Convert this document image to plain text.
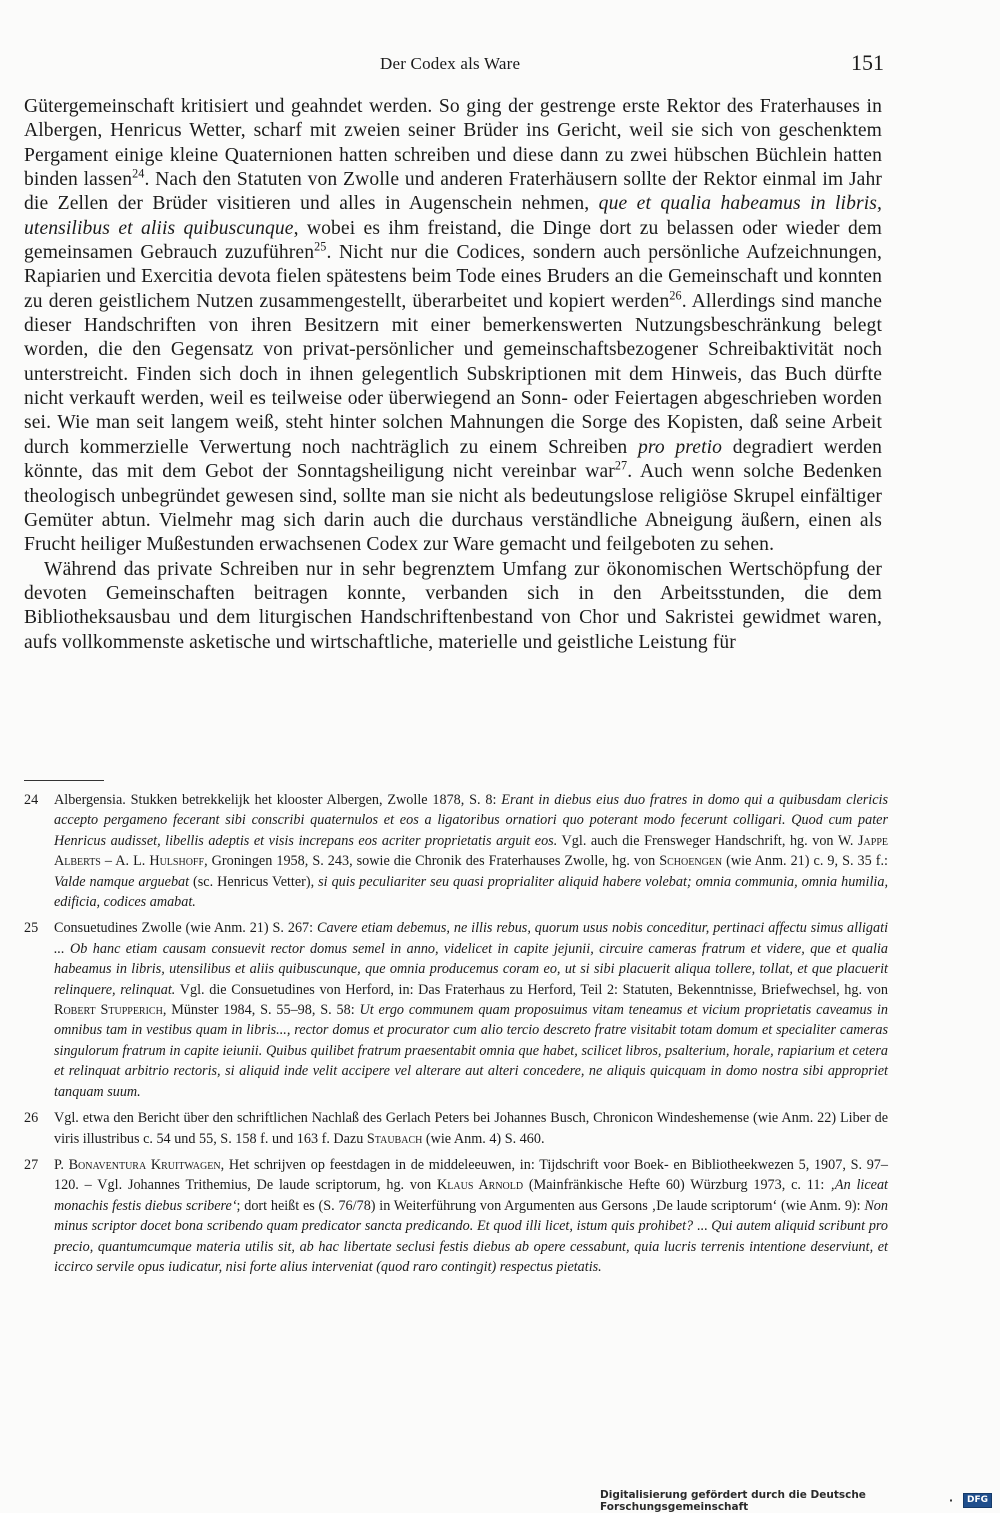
Der Codex als Ware	151

Gütergemeinschaft kritisiert und geahndet werden. So ging der gestrenge erste Rektor des Fraterhauses in Albergen, Henricus Wetter, scharf mit zweien seiner Brüder ins Gericht, weil sie sich von geschenktem Pergament einige kleine Quaternionen hatten schreiben und diese dann zu zwei hübschen Büchlein hatten binden lassen$^{24}$. Nach den Statuten von Zwolle und anderen Fraterhäusern sollte der Rektor einmal im Jahr die Zellen der Brüder visitieren und alles in Augenschein nehmen, que et qualia habeamus in libris, utensilibus et aliis quibuscunque, wobei es ihm freistand, die Dinge dort zu belassen oder wieder dem gemeinsamen Gebrauch zuzuführen$^{25}$. Nicht nur die Codices, sondern auch persönliche Aufzeichnungen, Rapiarien und Exercitia devota fielen spätestens beim Tode eines Bruders an die Gemeinschaft und konnten zu deren geistlichem Nutzen zusammengestellt, überarbeitet und kopiert werden$^{26}$. Allerdings sind manche dieser Handschriften von ihren Besitzern mit einer bemerkenswerten Nutzungsbeschränkung belegt worden, die den Gegensatz von privat-persönlicher und gemeinschaftsbezogener Schreibaktivität noch unterstreicht. Finden sich doch in ihnen gelegentlich Subskriptionen mit dem Hinweis, das Buch dürfte nicht verkauft werden, weil es teilweise oder überwiegend an Sonn- oder Feiertagen abgeschrieben worden sei. Wie man seit langem weiß, steht hinter solchen Mahnungen die Sorge des Kopisten, daß seine Arbeit durch kommerzielle Verwertung noch nachträglich zu einem Schreiben pro pretio degradiert werden könnte, das mit dem Gebot der Sonntagsheiligung nicht vereinbar war$^{27}$. Auch wenn solche Bedenken theologisch unbegründet gewesen sind, sollte man sie nicht als bedeutungslose religiöse Skrupel einfältiger Gemüter abtun. Vielmehr mag sich darin auch die durchaus verständliche Abneigung äußern, einen als Frucht heiliger Mußestunden erwachsenen Codex zur Ware gemacht und feilgeboten zu sehen.

Während das private Schreiben nur in sehr begrenztem Umfang zur ökonomischen Wertschöpfung der devoten Gemeinschaften beitragen konnte, verbanden sich in den Arbeitsstunden, die dem Bibliotheksausbau und dem liturgischen Handschriftenbestand von Chor und Sakristei gewidmet waren, aufs vollkommenste asketische und wirtschaftliche, materielle und geistliche Leistung für

24	Albergensia. Stukken betrekkelijk het klooster Albergen, Zwolle 1878, S. 8: Erant in diebus eius duo fratres in domo qui a quibusdam clericis accepto pergameno fecerant sibi conscribi quaternulos et eos a ligatoribus ornatiori quo poterant modo fecerunt colligari. Quod cum pater Henricus audisset, libellis adeptis et visis increpans eos acriter proprietatis arguit eos. Vgl. auch die Frensweger Handschrift, hg. von W. Jappe Alberts – A. L. Hulshoff, Groningen 1958, S. 243, sowie die Chronik des Fraterhauses Zwolle, hg. von Schoengen (wie Anm. 21) c. 9, S. 35 f.: Valde namque arguebat (sc. Henricus Vetter), si quis peculiariter seu quasi proprialiter aliquid habere volebat; omnia communia, omnia humilia, edificia, codices amabat.
25	Consuetudines Zwolle (wie Anm. 21) S. 267: Cavere etiam debemus, ne illis rebus, quorum usus nobis conceditur, pertinaci affectu simus alligati ... Ob hanc etiam causam consuevit rector domus semel in anno, videlicet in capite jejunii, circuire cameras fratrum et videre, que et qualia habeamus in libris, utensilibus et aliis quibuscunque, que omnia producemus coram eo, ut si sibi placuerit aliqua tollere, tollat, et que placuerit relinquere, relinquat. Vgl. die Consuetudines von Herford, in: Das Fraterhaus zu Herford, Teil 2: Statuten, Bekenntnisse, Briefwechsel, hg. von Robert Stupperich, Münster 1984, S. 55–98, S. 58: Ut ergo communem quam proposuimus vitam teneamus et vicium proprietatis caveamus in omnibus tam in vestibus quam in libris..., rector domus et procurator cum alio tercio descreto fratre visitabit totam domum et specialiter cameras singulorum fratrum in capite ieiunii. Quibus quilibet fratrum praesentabit omnia que habet, scilicet libros, psalterium, horale, rapiarium et cetera et relinquat arbitrio rectoris, si aliquid inde velit accipere vel alterare aut alteri concedere, ne aliquis quicquam in domo nostra sibi appropriet tanquam suum.
26	Vgl. etwa den Bericht über den schriftlichen Nachlaß des Gerlach Peters bei Johannes Busch, Chronicon Windeshemense (wie Anm. 22) Liber de viris illustribus c. 54 und 55, S. 158 f. und 163 f. Dazu Staubach (wie Anm. 4) S. 460.
27	P. Bonaventura Kruitwagen, Het schrijven op feestdagen in de middeleeuwen, in: Tijdschrift voor Boek- en Bibliotheekwezen 5, 1907, S. 97–120. – Vgl. Johannes Trithemius, De laude scriptorum, hg. von Klaus Arnold (Mainfränkische Hefte 60) Würzburg 1973, c. 11: ‚An liceat monachis festis diebus scribere‘; dort heißt es (S. 76/78) in Weiterführung von Argumenten aus Gersons ‚De laude scriptorum‘ (wie Anm. 9): Non minus scriptor docet bona scribendo quam predicator sancta predicando. Et quod illi licet, istum quis prohibet? ... Qui autem aliquid scribunt pro precio, quantumcumque materia utilis sit, ab hac libertate seclusi festis diebus ab opere cessabunt, quia lucris terrenis intentione deserviunt, et iccirco servile opus iudicatur, nisi forte alius interveniat (quod raro contingit) respectus pietatis.
Digitalisierung gefördert durch die Deutsche Forschungsgemeinschaft	·	DFG
